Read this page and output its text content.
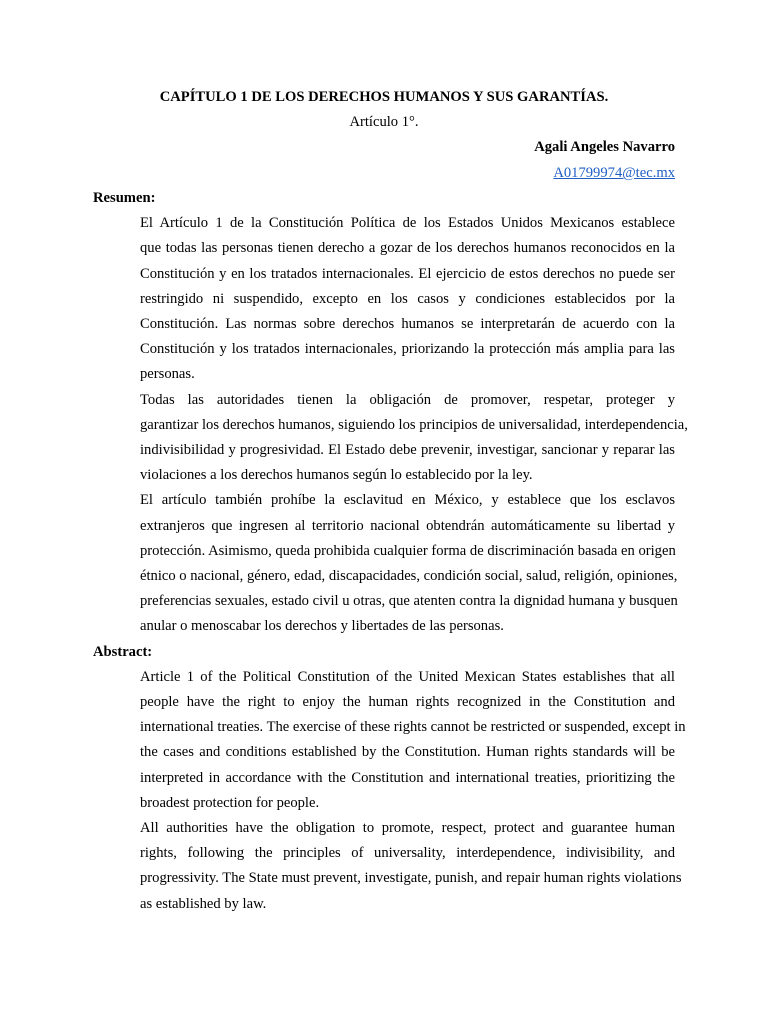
CAPÍTULO 1 DE LOS DERECHOS HUMANOS Y SUS GARANTÍAS.

Artículo 1°.

Agali Angeles Navarro

A01799974@tec.mx

Resumen:

El Artículo 1 de la Constitución Política de los Estados Unidos Mexicanos establece
que todas las personas tienen derecho a gozar de los derechos humanos reconocidos en la
Constitución y en los tratados internacionales. El ejercicio de estos derechos no puede ser
restringido ni suspendido, excepto en los casos y condiciones establecidos por la
Constitución. Las normas sobre derechos humanos se interpretarán de acuerdo con la
Constitución y los tratados internacionales, priorizando la protección más amplia para las
personas.

Todas las autoridades tienen la obligación de promover, respetar, proteger y
garantizar los derechos humanos, siguiendo los principios de universalidad, interdependencia,
indivisibilidad y progresividad. El Estado debe prevenir, investigar, sancionar y reparar las
violaciones a los derechos humanos según lo establecido por la ley.

El artículo también prohíbe la esclavitud en México, y establece que los esclavos
extranjeros que ingresen al territorio nacional obtendrán automáticamente su libertad y
protección. Asimismo, queda prohibida cualquier forma de discriminación basada en origen
étnico o nacional, género, edad, discapacidades, condición social, salud, religión, opiniones,
preferencias sexuales, estado civil u otras, que atenten contra la dignidad humana y busquen
anular o menoscabar los derechos y libertades de las personas.

Abstract:

Article 1 of the Political Constitution of the United Mexican States establishes that all
people have the right to enjoy the human rights recognized in the Constitution and
international treaties. The exercise of these rights cannot be restricted or suspended, except in
the cases and conditions established by the Constitution. Human rights standards will be
interpreted in accordance with the Constitution and international treaties, prioritizing the
broadest protection for people.

All authorities have the obligation to promote, respect, protect and guarantee human
rights, following the principles of universality, interdependence, indivisibility, and
progressivity. The State must prevent, investigate, punish, and repair human rights violations
as established by law.
